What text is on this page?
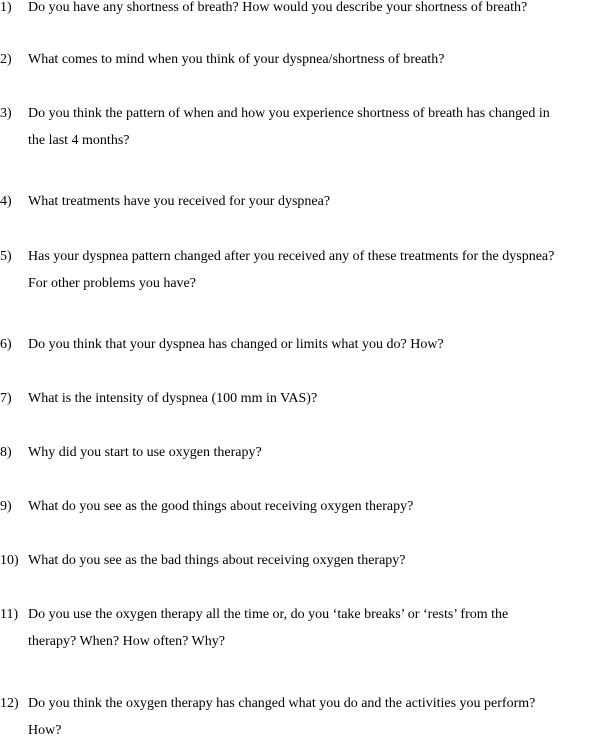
1) Do you have any shortness of breath? How would you describe your shortness of breath?
2) What comes to mind when you think of your dyspnea/shortness of breath?
3) Do you think the pattern of when and how you experience shortness of breath has changed in
the last 4 months?
4) What treatments have you received for your dyspnea?
5) Has your dyspnea pattern changed after you received any of these treatments for the dyspnea?
For other problems you have?
6) Do you think that your dyspnea has changed or limits what you do? How?
7) What is the intensity of dyspnea (100 mm in VAS)?
8) Why did you start to use oxygen therapy?
9) What do you see as the good things about receiving oxygen therapy?
10) What do you see as the bad things about receiving oxygen therapy?
11) Do you use the oxygen therapy all the time or, do you ‘take breaks’ or ‘rests’ from the
therapy? When? How often? Why?
12) Do you think the oxygen therapy has changed what you do and the activities you perform?
How?
